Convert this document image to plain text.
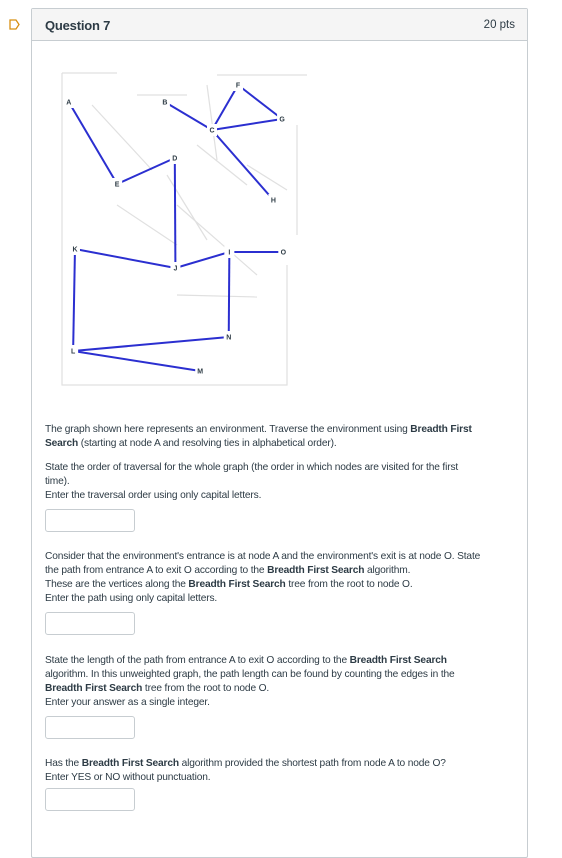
Question 7	20 pts
A	B
C
D
E
F
G
H
I
J
K
L
M
N
O

The graph shown here represents an environment. Traverse the environment using Breadth First

Search (starting at node A and resolving ties in alphabetical order).

State the order of traversal for the whole graph (the order in which nodes are visited for the first

time).

Enter the traversal order using only capital letters.

Consider that the environment's entrance is at node A and the environment's exit is at node O. State

the path from entrance A to exit O according to the Breadth First Search algorithm.

These are the vertices along the Breadth First Search tree from the root to node O.

Enter the path using only capital letters.

State the length of the path from entrance A to exit O according to the Breadth First Search

algorithm. In this unweighted graph, the path length can be found by counting the edges in the

Breadth First Search tree from the root to node O.

Enter your answer as a single integer.

Has the Breadth First Search algorithm provided the shortest path from node A to node O?

Enter YES or NO without punctuation.
